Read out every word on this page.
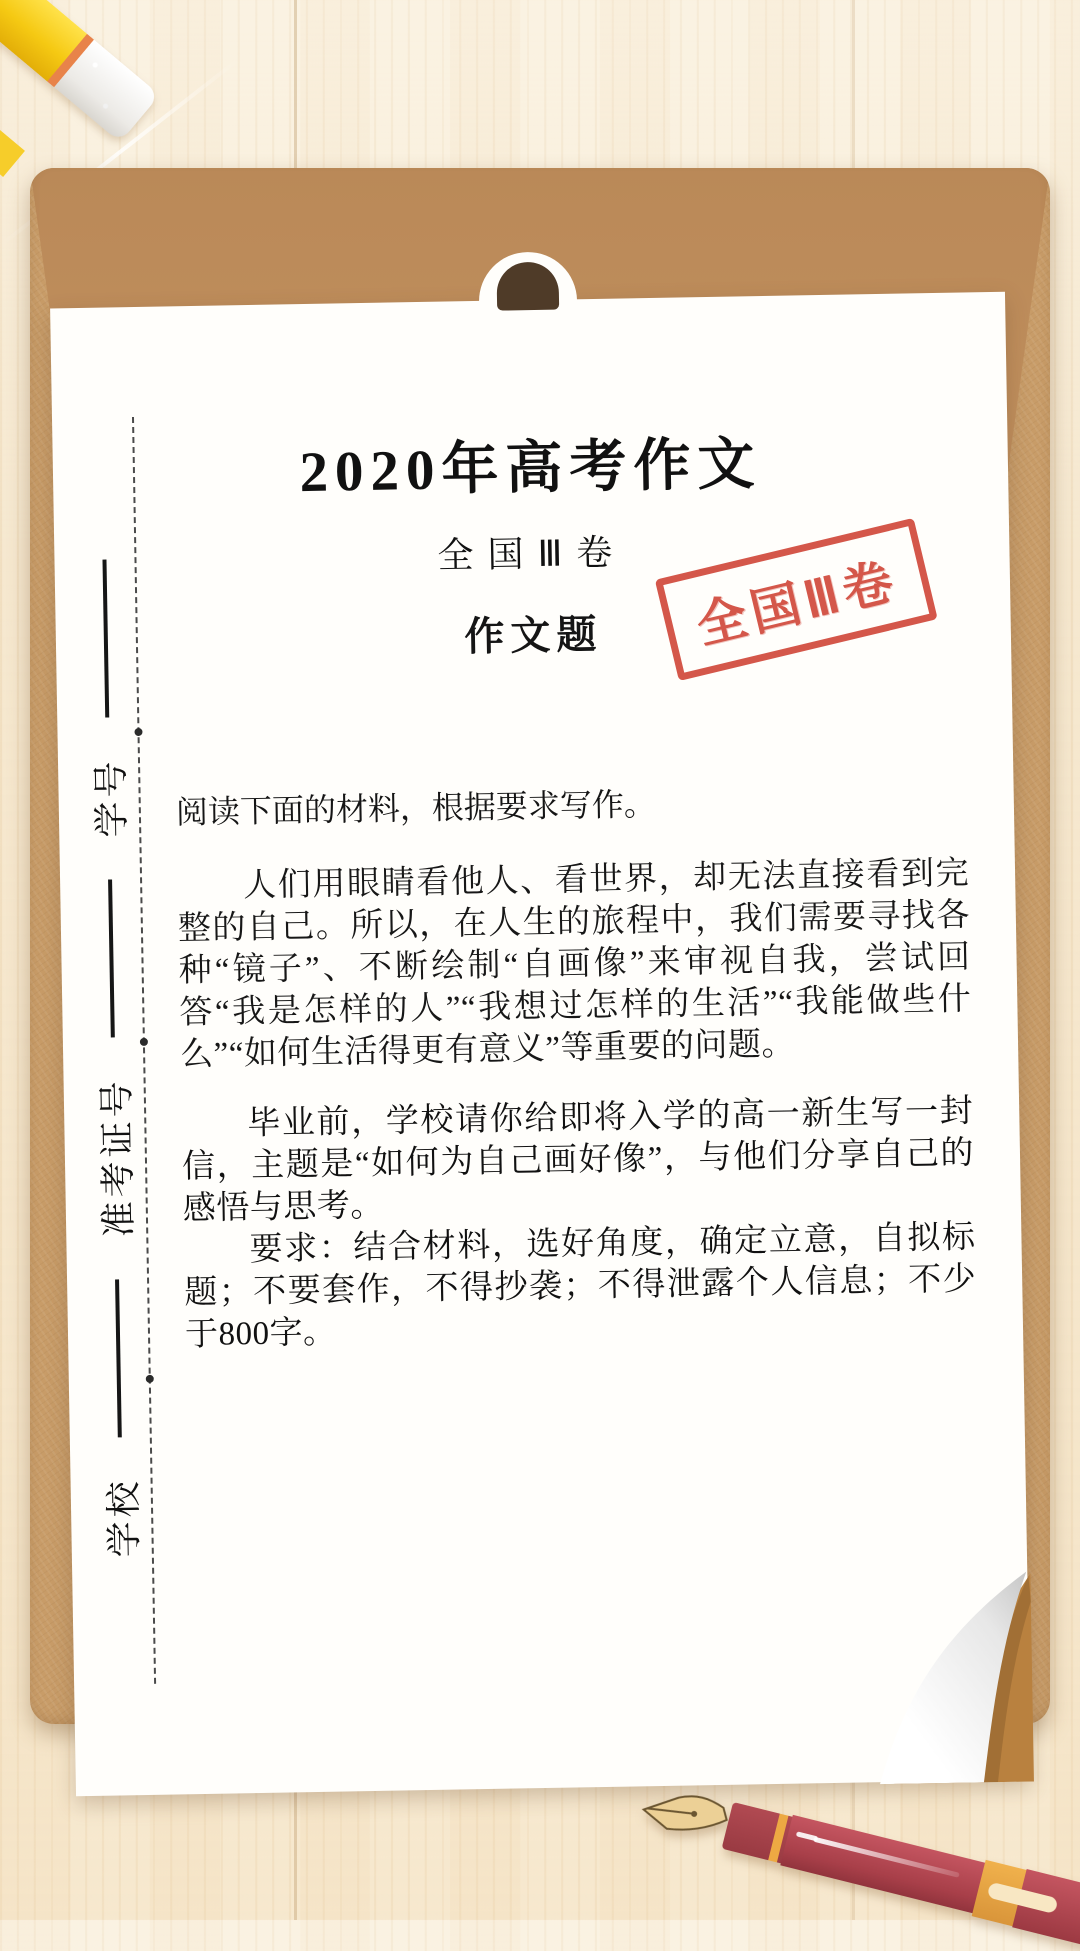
学校
准考证号
学号
2020年高考作文
全国Ⅲ卷
作文题	全国Ⅲ卷
阅读下面的材料，根据要求写作。

人们用眼睛看他人、看世界，却无法直接看到完整的自己。所以，在人生的旅程中，我们需要寻找各种“镜子”、不断绘制“自画像”来审视自我，尝试回答“我是怎样的人”“我想过怎样的生活”“我能做些什么”“如何生活得更有意义”等重要的问题。

毕业前，学校请你给即将入学的高一新生写一封信，主题是“如何为自己画好像”，与他们分享自己的感悟与思考。

要求：结合材料，选好角度，确定立意，自拟标题；不要套作，不得抄袭；不得泄露个人信息；不少于800字。
